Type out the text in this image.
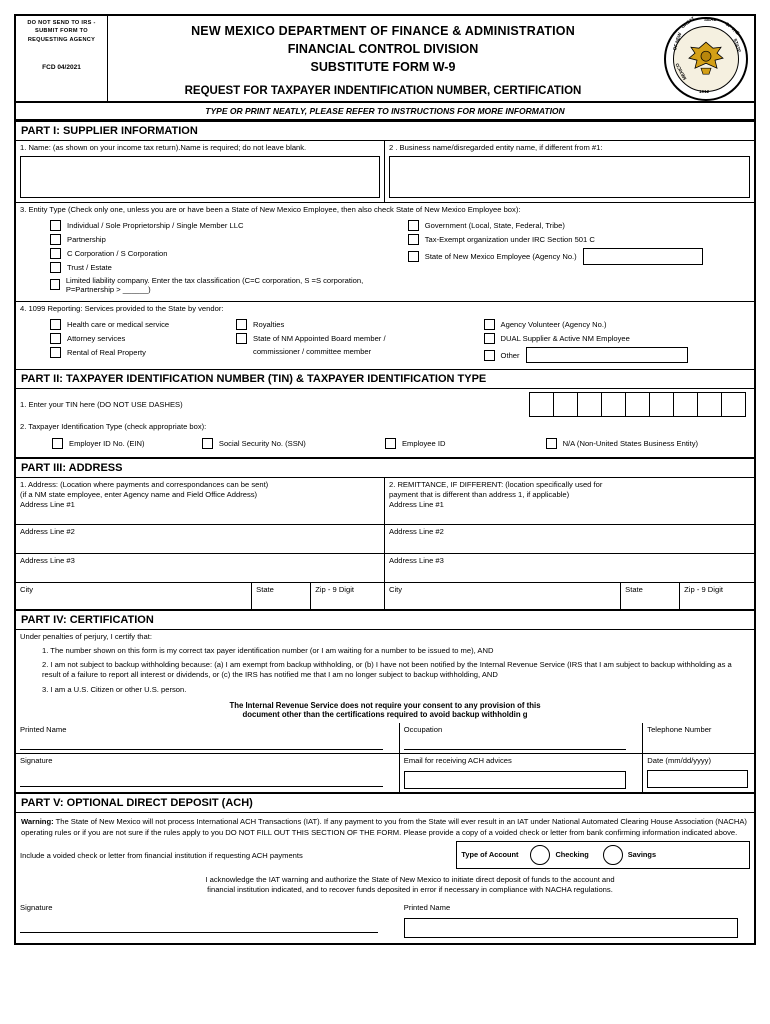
DO NOT SEND TO IRS - SUBMIT FORM TO REQUESTING AGENCY
FCD 04/2021
NEW MEXICO DEPARTMENT OF FINANCE & ADMINISTRATION
FINANCIAL CONTROL DIVISION
SUBSTITUTE FORM W-9
REQUEST FOR TAXPAYER INDENTIFICATION NUMBER, CERTIFICATION
GREAT SEAL
OF THE
STATE
OF NEW
MEXICO
1912
TYPE OR PRINT NEATLY, PLEASE REFER TO INSTRUCTIONS FOR MORE INFORMATION
PART I: SUPPLIER INFORMATION
1. Name: (as shown on your income tax return).Name is required; do not leave blank.	2 . Business name/disregarded entity name, if different from #1:
3. Entity Type (Check only one, unless you are or have been a State of New Mexico Employee, then also check State of New Mexico Employee box):
Individual / Sole Proprietorship / Single Member LLC
Partnership
C Corporation / S Corporation
Trust / Estate
Limited liability company. Enter the tax classification (C=C corporation, S =S corporation, P=Partnership > ______)
Government (Local, State, Federal, Tribe)
Tax-Exempt organization under IRC Section 501 C
State of New Mexico Employee (Agency No.)
4. 1099 Reporting: Services provided to the State by vendor:
Health care or medical service
Attorney services
Rental of Real Property
Royalties
State of NM Appointed Board member /
commissioner / committee member
Agency Volunteer (Agency No.)
DUAL Supplier & Active NM Employee
Other
PART II: TAXPAYER IDENTIFICATION NUMBER (TIN) & TAXPAYER IDENTIFICATION TYPE
1. Enter your TIN here (DO NOT USE DASHES)
2. Taxpayer Identification Type (check appropriate box):
Employer ID No. (EIN)	Social Security No. (SSN)	Employee ID	N/A (Non-United States Business Entity)
PART III: ADDRESS
1. Address: (Location where payments and correspondances can be sent)
(if a NM state employee, enter Agency name and Field Office Address)
Address Line #1
2. REMITTANCE, IF DIFFERENT: (location specifically used for
payment that is different than address 1, if applicable)
Address Line #1
Address Line #2	Address Line #2
Address Line #3	Address Line #3
City	State	Zip - 9 Digit	City	State	Zip - 9 Digit
PART IV: CERTIFICATION
Under penalties of perjury, I certify that:
1. The number shown on this form is my correct tax payer identification number (or I am waiting for a number to be issued to me), AND
2. I am not subject to backup withholding because: (a) I am exempt from backup withholding, or (b) I have not been notified by the Internal Revenue Service (IRS that I am subject to backup withholding as a result of a failure to report all interest or dividends, or (c) the IRS has notified me that I am no longer subject to backup withholding, AND
3. I am a U.S. Citizen or other U.S. person.
The Internal Revenue Service does not require your consent to any provision of this
document other than the certifications required to avoid backup withholdin g
Printed Name	Occupation	Telephone Number
Signature	Email for receiving ACH advices	Date (mm/dd/yyyy)
PART V: OPTIONAL DIRECT DEPOSIT (ACH)
Warning: The State of New Mexico will not process International ACH Transactions (IAT). If any payment to you from the State will ever result in an IAT under National Automated Clearing House Association (NACHA) operating rules or if you are not sure if the rules apply to you DO NOT FILL OUT THIS SECTION OF THE FORM. Please provide a copy of a voided check or letter from bank confirming information indicated above.
Include a voided check or letter from financial institution if requesting ACH payments	Type of Account	Checking	Savings
I acknowledge the IAT warning and authorize the State of New Mexico to initiate direct deposit of funds to the account and
financial institution indicated, and to recover funds deposited in error if necessary in compliance with NACHA regulations.
Signature	Printed Name
